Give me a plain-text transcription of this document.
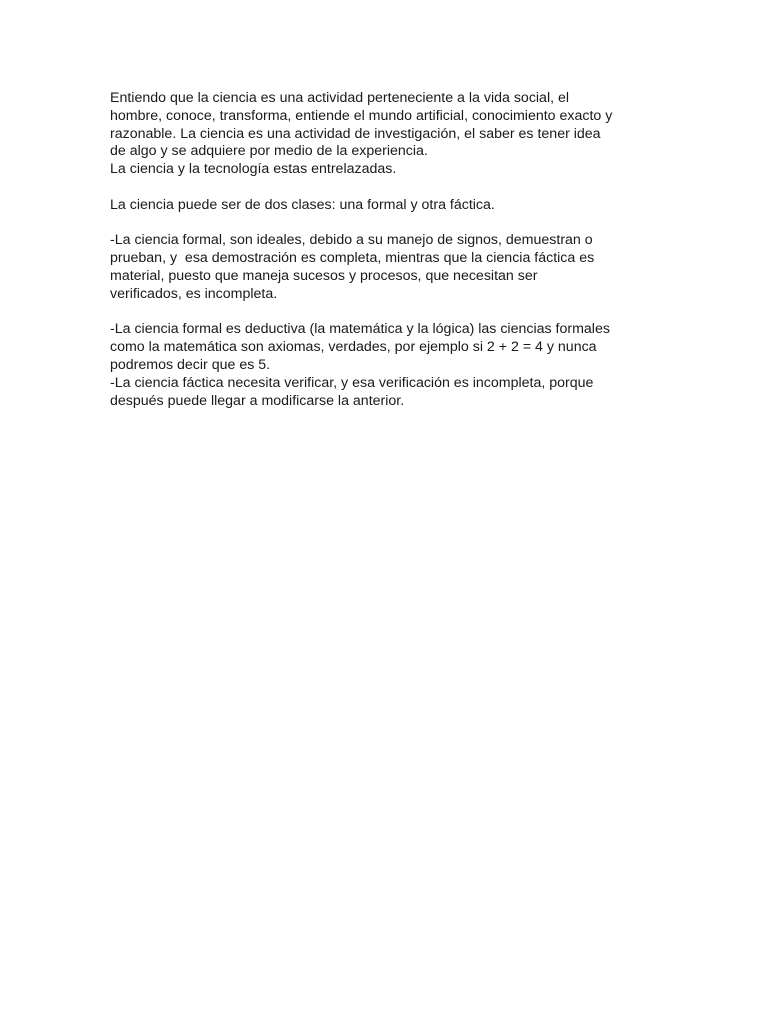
Entiendo que la ciencia es una actividad perteneciente a la vida social, el
hombre, conoce, transforma, entiende el mundo artificial, conocimiento exacto y
razonable. La ciencia es una actividad de investigación, el saber es tener idea
de algo y se adquiere por medio de la experiencia.
La ciencia y la tecnología estas entrelazadas.
La ciencia puede ser de dos clases: una formal y otra fáctica.
-La ciencia formal, son ideales, debido a su manejo de signos, demuestran o
prueban, y  esa demostración es completa, mientras que la ciencia fáctica es
material, puesto que maneja sucesos y procesos, que necesitan ser
verificados, es incompleta.
-La ciencia formal es deductiva (la matemática y la lógica) las ciencias formales
como la matemática son axiomas, verdades, por ejemplo si 2 + 2 = 4 y nunca
podremos decir que es 5.
-La ciencia fáctica necesita verificar, y esa verificación es incompleta, porque
después puede llegar a modificarse la anterior.
